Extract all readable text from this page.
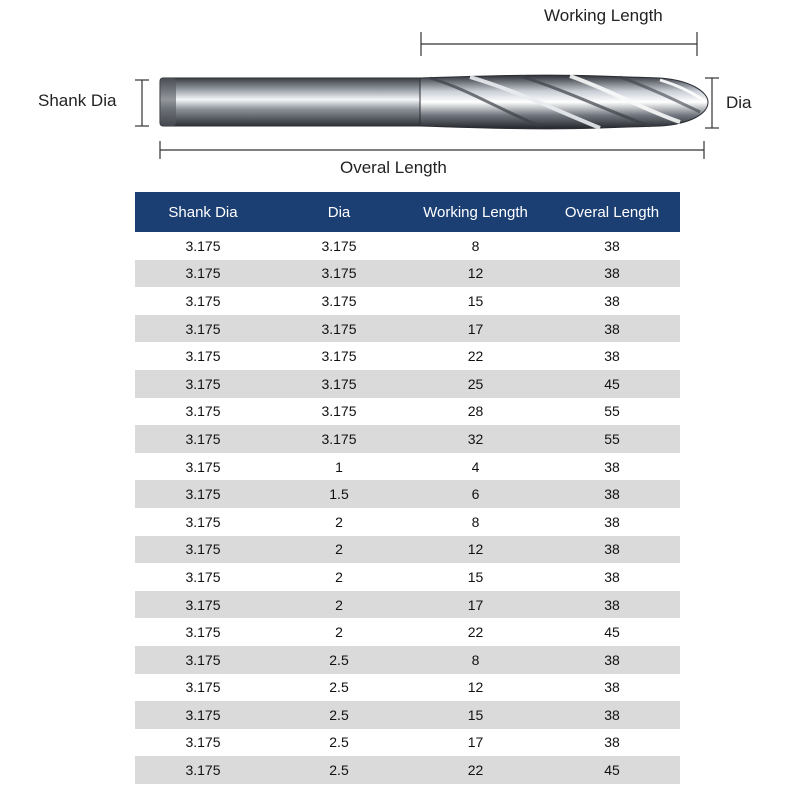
Working Length
Shank Dia	Dia
Overal Length
Shank Dia	Dia	Working Length	Overal Length
3.175	3.175	8	38
3.175	3.175	12	38
3.175	3.175	15	38
3.175	3.175	17	38
3.175	3.175	22	38
3.175	3.175	25	45
3.175	3.175	28	55
3.175	3.175	32	55
3.175	1	4	38
3.175	1.5	6	38
3.175	2	8	38
3.175	2	12	38
3.175	2	15	38
3.175	2	17	38
3.175	2	22	45
3.175	2.5	8	38
3.175	2.5	12	38
3.175	2.5	15	38
3.175	2.5	17	38
3.175	2.5	22	45
